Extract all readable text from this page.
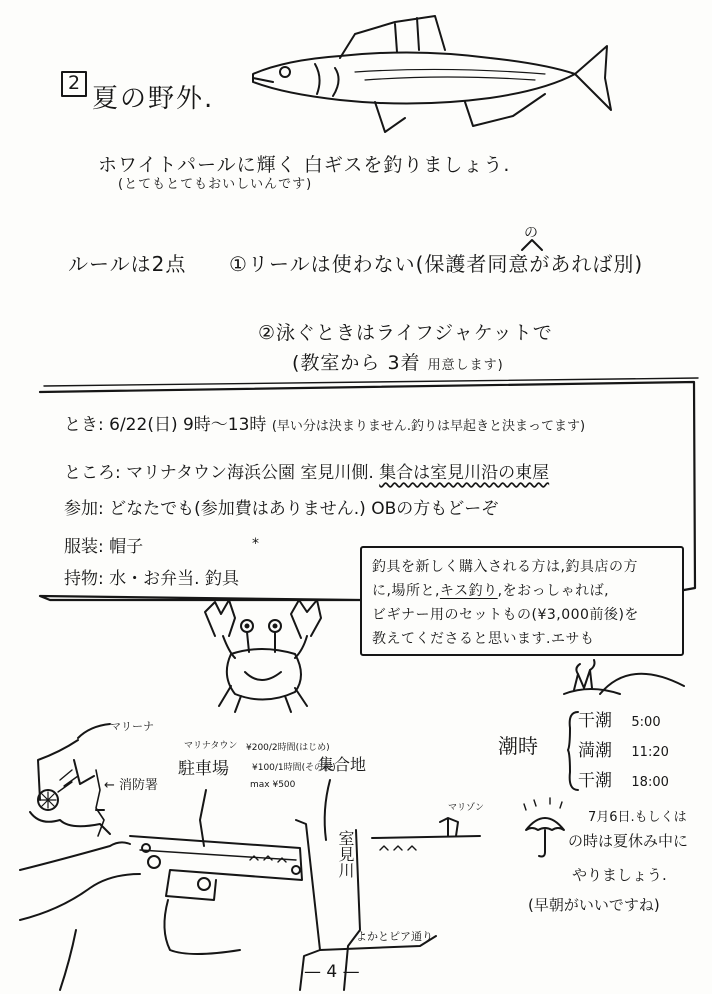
2
夏の野外.
ホワイトパールに輝く 白ギスを釣りましょう.
(とてもとてもおいしいんです)
ルールは2点 ①リールは使わない(保護者同意があれば別)
の
②泳ぐときはライフジャケットで
(教室から 3着 用意します)
とき: 6/22(日) 9時〜13時 (早い分は決まりません.釣りは早起きと決まってます)
ところ: マリナタウン海浜公園 室見川側. 集合は室見川沿の東屋
参加: どなたでも(参加費はありません.) OBの方もどーぞ
服装: 帽子	*
持物: 水・お弁当. 釣具
釣具を新しく購入される方は,釣具店の方
に,場所と,キス釣り,をおっしゃれば,
ビギナー用のセットもの(¥3,000前後)を
教えてくださると思います.エサも
潮時
干潮 5:00
満潮 11:20
干潮 18:00
7月6日.もしくは
の時は夏休み中に
やりましょう.
(早朝がいいですね)
マリーナ
← 消防署
マリナタウン
駐車場
¥200/2時間(はじめ)
¥100/1時間(その後)
max ¥500
集合地
室見川
マリゾン
よかとピア通り
— 4 —
